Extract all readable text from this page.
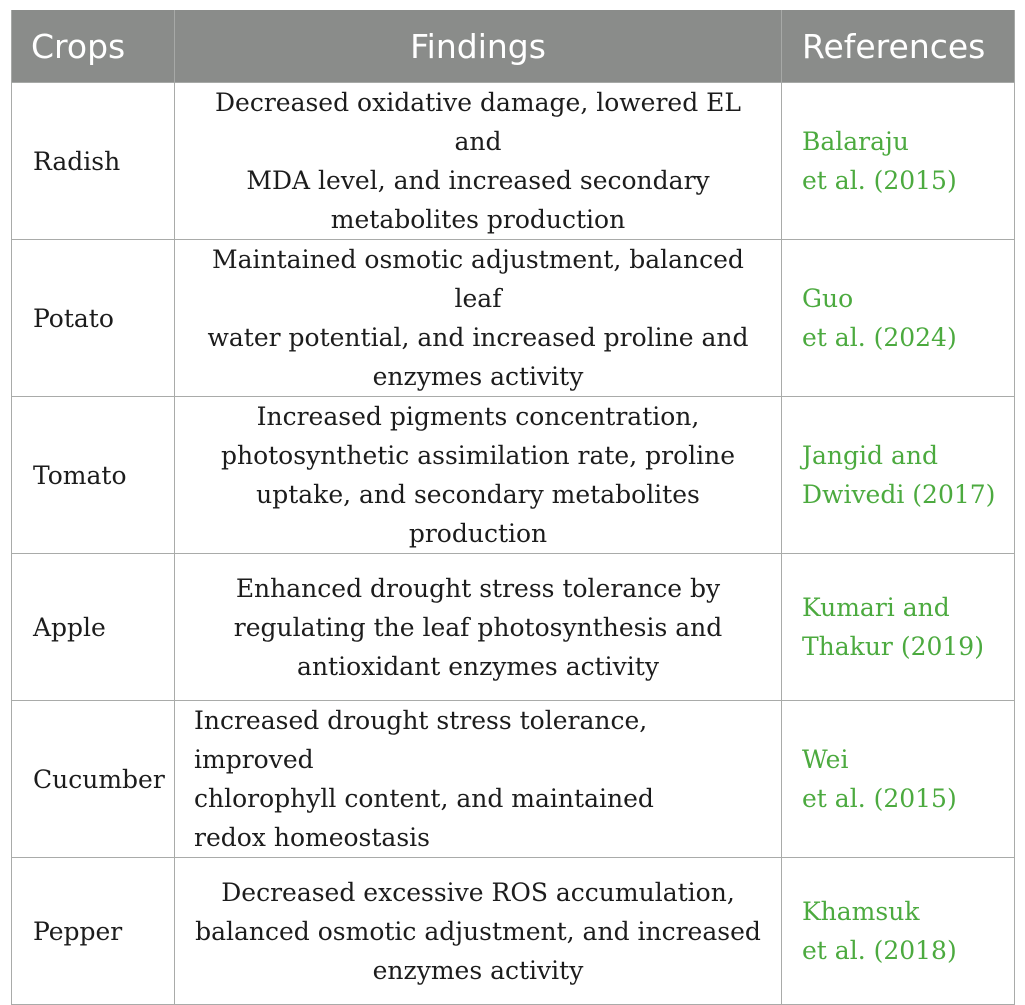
Crops	Findings	References
Radish	Decreased oxidative damage, lowered EL and
MDA level, and increased secondary
metabolites production	Balaraju
et al. (2015)

Potato	Maintained osmotic adjustment, balanced leaf
water potential, and increased proline and
enzymes activity	Guo
et al. (2024)

Tomato	Increased pigments concentration,
photosynthetic assimilation rate, proline
uptake, and secondary metabolites production	Jangid and
Dwivedi (2017)

Apple	Enhanced drought stress tolerance by
regulating the leaf photosynthesis and
antioxidant enzymes activity	Kumari and
Thakur (2019)

Cucumber	Increased drought stress tolerance, improved
chlorophyll content, and maintained
redox homeostasis	Wei
et al. (2015)

Pepper	Decreased excessive ROS accumulation,
balanced osmotic adjustment, and increased
enzymes activity	Khamsuk
et al. (2018)
